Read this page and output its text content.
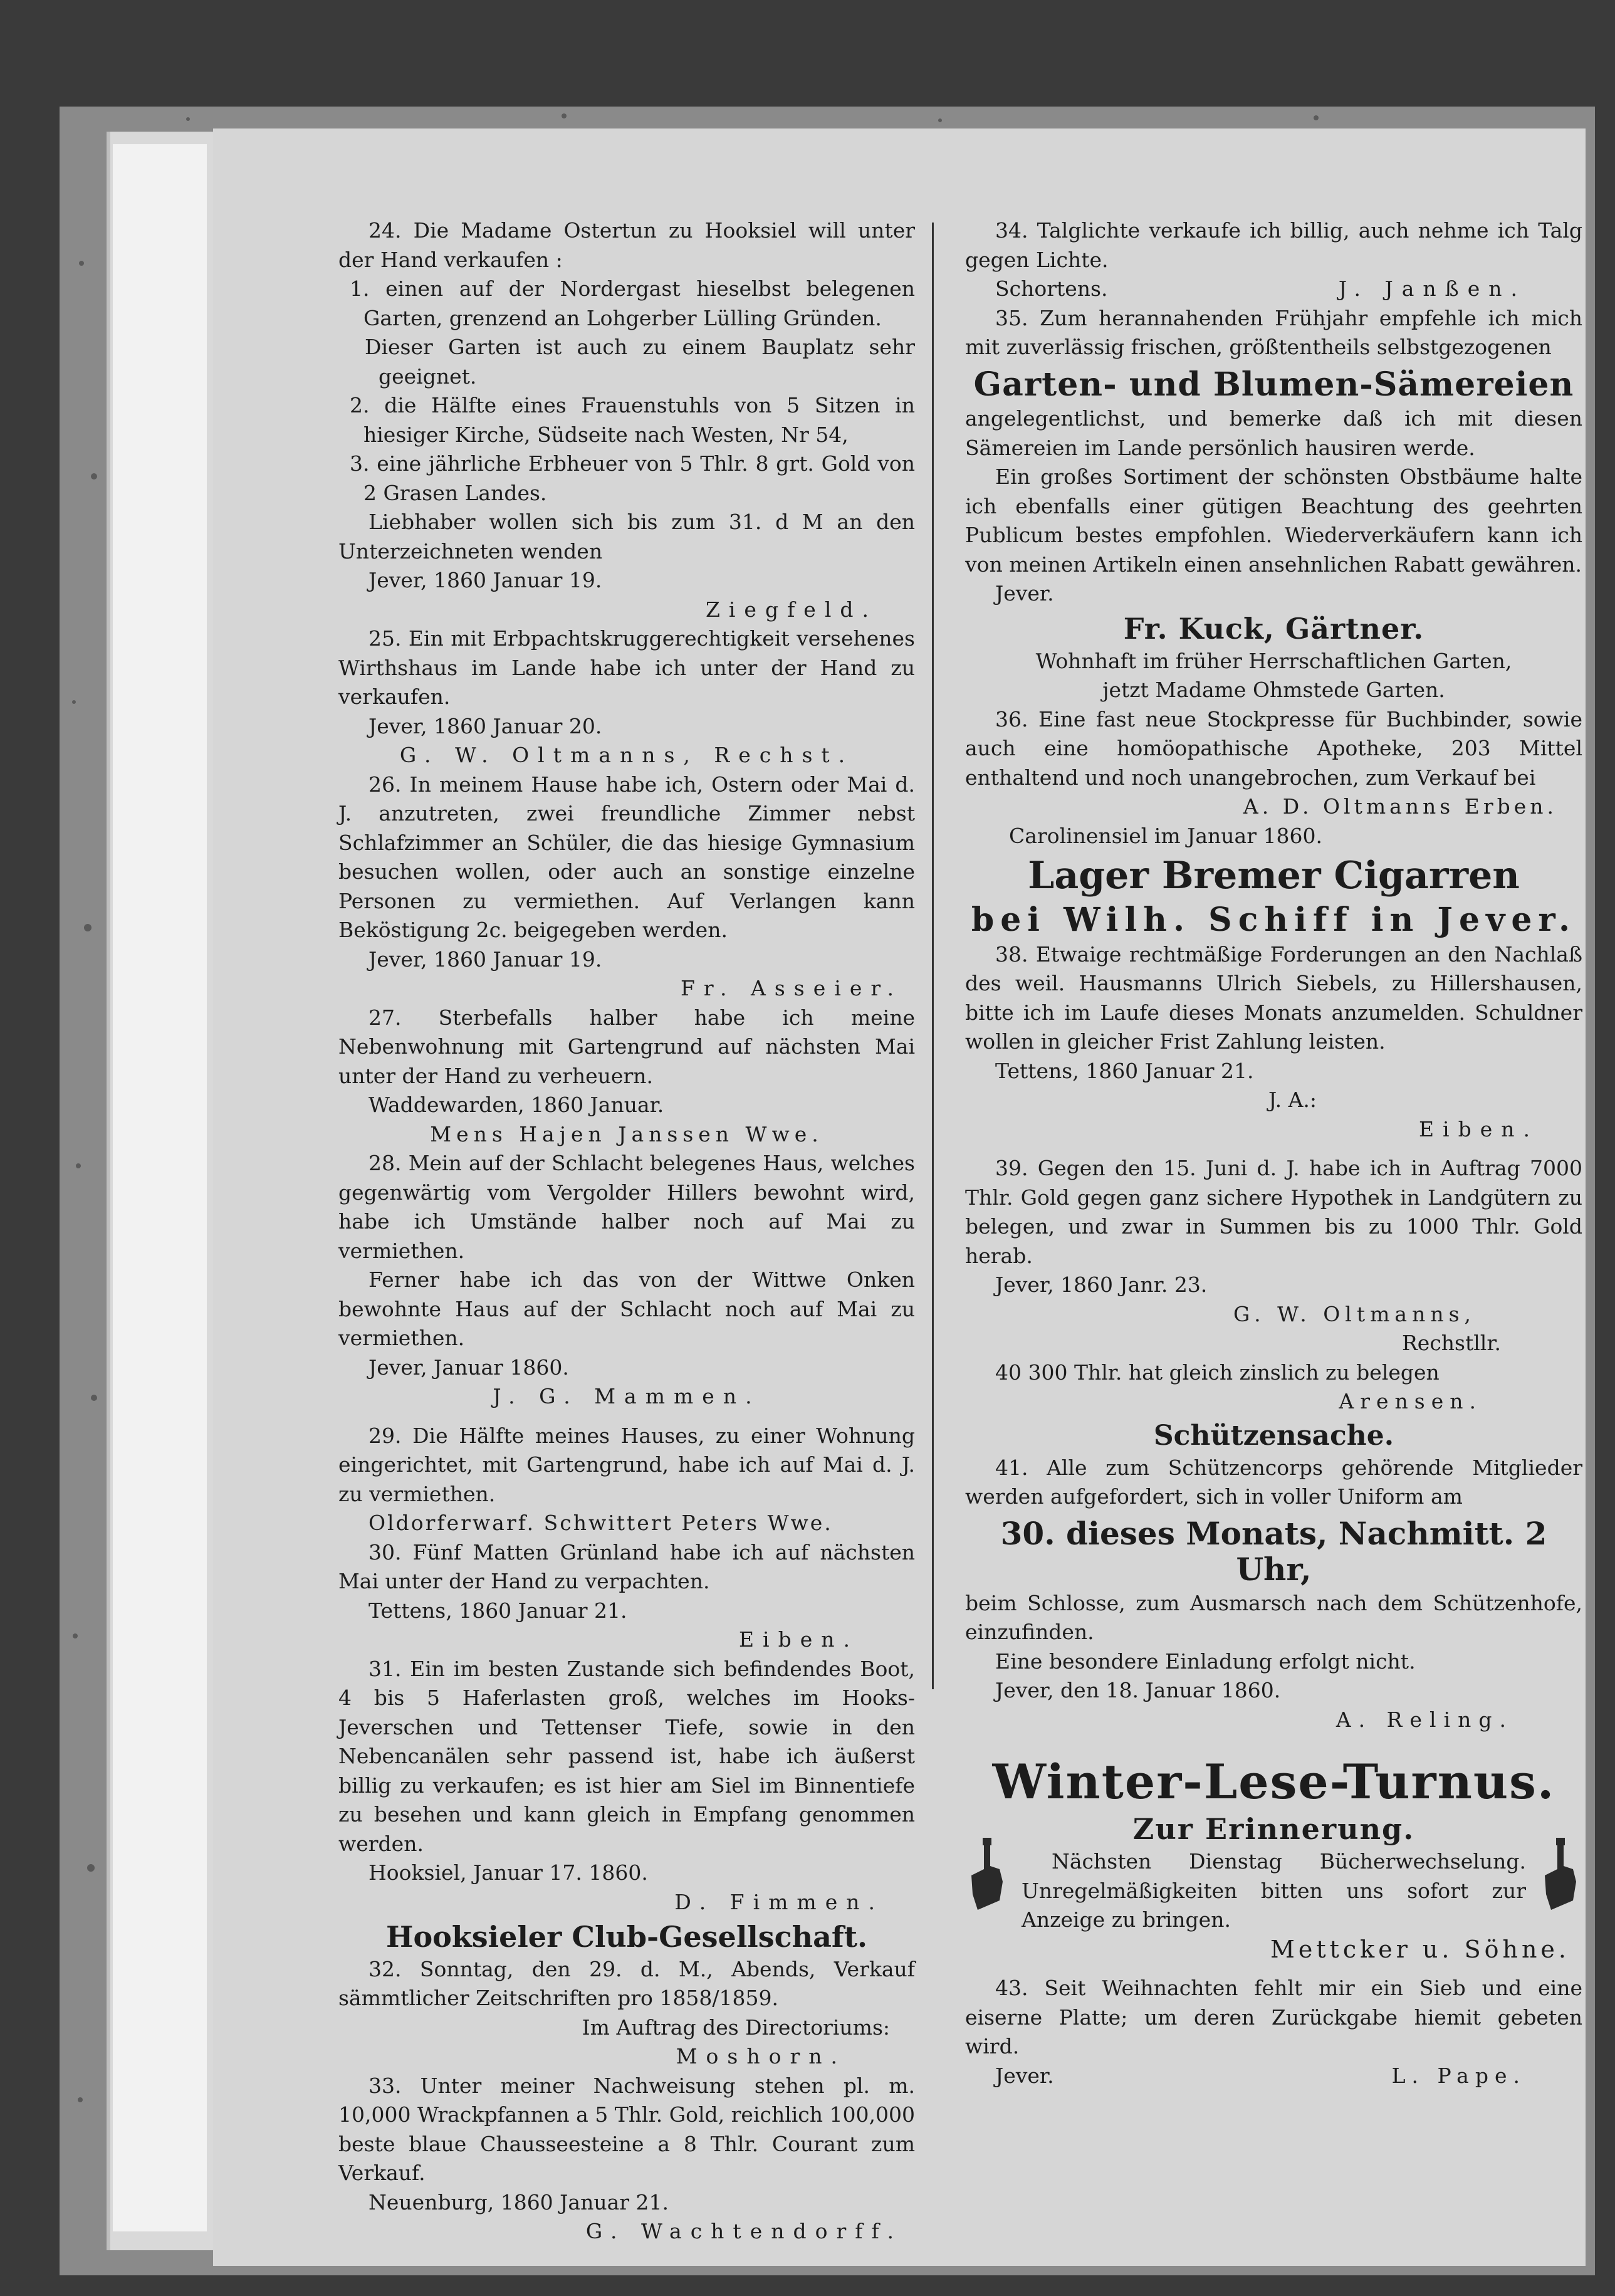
24. Die Madame Ostertun zu Hooksiel will unter der Hand verkaufen :

1. einen auf der Nordergast hieselbst belegenen Garten, grenzend an Lohgerber Lülling Gründen.

Dieser Garten ist auch zu einem Bauplatz sehr geeignet.

2. die Hälfte eines Frauenstuhls von 5 Sitzen in hiesiger Kirche, Südseite nach Westen, Nr 54,

3. eine jährliche Erbheuer von 5 Thlr. 8 grt. Gold von 2 Grasen Landes.

Liebhaber wollen sich bis zum 31. d M an den Unterzeichneten wenden

Jever, 1860 Januar 19.

Ziegfeld.

25. Ein mit Erbpachtskruggerechtigkeit versehenes Wirthshaus im Lande habe ich unter der Hand zu verkaufen.

Jever, 1860 Januar 20.

G. W. Oltmanns, Rechst.

26. In meinem Hause habe ich, Ostern oder Mai d. J. anzutreten, zwei freundliche Zimmer nebst Schlafzimmer an Schüler, die das hiesige Gymnasium besuchen wollen, oder auch an sonstige einzelne Personen zu vermiethen. Auf Verlangen kann Beköstigung 2c. beigegeben werden.

Jever, 1860 Januar 19.

Fr. Asseier.

27. Sterbefalls halber habe ich meine Nebenwohnung mit Gartengrund auf nächsten Mai unter der Hand zu verheuern.

Waddewarden, 1860 Januar.

Mens Hajen Janssen Wwe.

28. Mein auf der Schlacht belegenes Haus, welches gegenwärtig vom Vergolder Hillers bewohnt wird, habe ich Umstände halber noch auf Mai zu vermiethen.

Ferner habe ich das von der Wittwe Onken bewohnte Haus auf der Schlacht noch auf Mai zu vermiethen.

Jever, Januar 1860.

J. G. Mammen.

29. Die Hälfte meines Hauses, zu einer Wohnung eingerichtet, mit Gartengrund, habe ich auf Mai d. J. zu vermiethen.

Oldorferwarf. Schwittert Peters Wwe.

30. Fünf Matten Grünland habe ich auf nächsten Mai unter der Hand zu verpachten.

Tettens, 1860 Januar 21.

Eiben.

31. Ein im besten Zustande sich befindendes Boot, 4 bis 5 Haferlasten groß, welches im Hooks-Jeverschen und Tettenser Tiefe, sowie in den Nebencanälen sehr passend ist, habe ich äußerst billig zu verkaufen; es ist hier am Siel im Binnentiefe zu besehen und kann gleich in Empfang genommen werden.

Hooksiel, Januar 17. 1860.

D. Fimmen.

Hooksieler Club-Gesellschaft.

32. Sonntag, den 29. d. M., Abends, Verkauf sämmtlicher Zeitschriften pro 1858/1859.

Im Auftrag des Directoriums:

Moshorn.

33. Unter meiner Nachweisung stehen pl. m. 10,000 Wrackpfannen a 5 Thlr. Gold, reichlich 100,000 beste blaue Chausseesteine a 8 Thlr. Courant zum Verkauf.

Neuenburg, 1860 Januar 21.

G. Wachtendorff.

34. Talglichte verkaufe ich billig, auch nehme ich Talg gegen Lichte.

Schortens.	J. Janßen.

35. Zum herannahenden Frühjahr empfehle ich mich mit zuverlässig frischen, größtentheils selbstgezogenen

Garten- und Blumen-Sämereien

angelegentlichst, und bemerke daß ich mit diesen Sämereien im Lande persönlich hausiren werde.

Ein großes Sortiment der schönsten Obstbäume halte ich ebenfalls einer gütigen Beachtung des geehrten Publicum bestes empfohlen. Wiederverkäufern kann ich von meinen Artikeln einen ansehnlichen Rabatt gewähren.

Jever.

Fr. Kuck, Gärtner.

Wohnhaft im früher Herrschaftlichen Garten,

jetzt Madame Ohmstede Garten.

36. Eine fast neue Stockpresse für Buchbinder, sowie auch eine homöopathische Apotheke, 203 Mittel enthaltend und noch unangebrochen, zum Verkauf bei

A. D. Oltmanns Erben.

Carolinensiel im Januar 1860.

Lager Bremer Cigarren
bei Wilh. Schiff in Jever.

38. Etwaige rechtmäßige Forderungen an den Nachlaß des weil. Hausmanns Ulrich Siebels, zu Hillershausen, bitte ich im Laufe dieses Monats anzumelden. Schuldner wollen in gleicher Frist Zahlung leisten.

Tettens, 1860 Januar 21.

J. A.:

Eiben.

39. Gegen den 15. Juni d. J. habe ich in Auftrag 7000 Thlr. Gold gegen ganz sichere Hypothek in Landgütern zu belegen, und zwar in Summen bis zu 1000 Thlr. Gold herab.

Jever, 1860 Janr. 23.

G. W. Oltmanns,

Rechstllr.

40 300 Thlr. hat gleich zinslich zu belegen

Arensen.

Schützensache.

41. Alle zum Schützencorps gehörende Mitglieder werden aufgefordert, sich in voller Uniform am

30. dieses Monats, Nachmitt. 2 Uhr,

beim Schlosse, zum Ausmarsch nach dem Schützenhofe, einzufinden.

Eine besondere Einladung erfolgt nicht.

Jever, den 18. Januar 1860.

A. Reling.

Winter-Lese-Turnus.
Zur Erinnerung.

Nächsten Dienstag Bücherwechselung. Unregelmäßigkeiten bitten uns sofort zur Anzeige zu bringen.

Mettcker u. Söhne.

43. Seit Weihnachten fehlt mir ein Sieb und eine eiserne Platte; um deren Zurückgabe hiemit gebeten wird.

Jever.	L. Pape.
